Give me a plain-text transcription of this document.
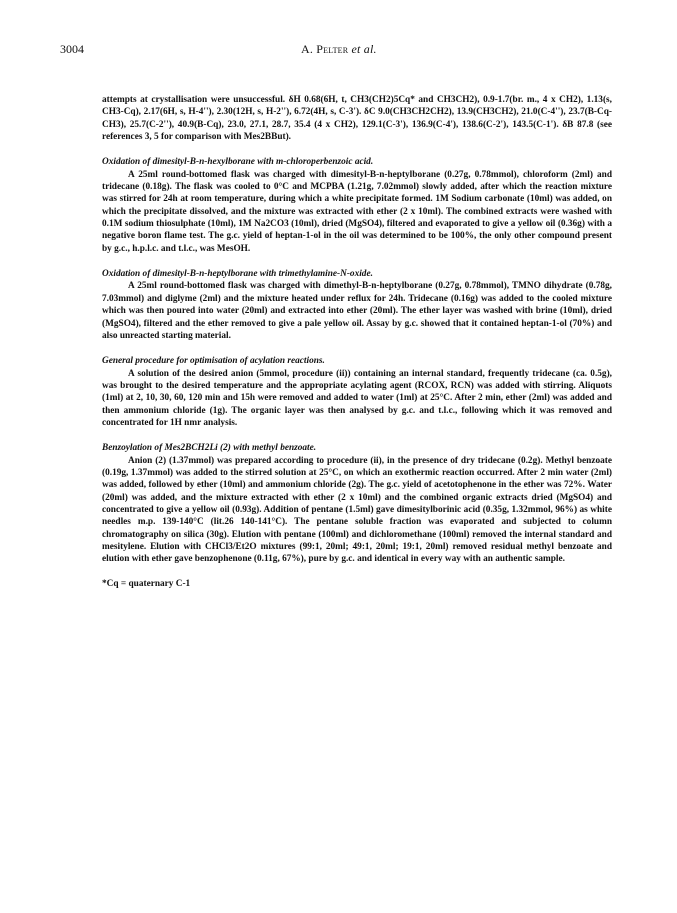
3004	A. Pelter et al.

attempts at crystallisation were unsuccessful. δH 0.68(6H, t, CH3(CH2)5Cq* and CH3CH2), 0.9-1.7(br. m., 4 x CH2), 1.13(s, CH3-Cq), 2.17(6H, s, H-4''), 2.30(12H, s, H-2''), 6.72(4H, s, C-3'). δC 9.0(CH3CH2CH2), 13.9(CH3CH2), 21.0(C-4''), 23.7(B-Cq-CH3), 25.7(C-2''), 40.9(B-Cq), 23.0, 27.1, 28.7, 35.4 (4 x CH2), 129.1(C-3'), 136.9(C-4'), 138.6(C-2'), 143.5(C-1'). δB 87.8 (see references 3, 5 for comparison with Mes2BBut).

Oxidation of dimesityl-B-n-hexylborane with m-chloroperbenzoic acid.

A 25ml round-bottomed flask was charged with dimesityl-B-n-heptylborane (0.27g, 0.78mmol), chloroform (2ml) and tridecane (0.18g). The flask was cooled to 0°C and MCPBA (1.21g, 7.02mmol) slowly added, after which the reaction mixture was stirred for 24h at room temperature, during which a white precipitate formed. 1M Sodium carbonate (10ml) was added, on which the precipitate dissolved, and the mixture was extracted with ether (2 x 10ml). The combined extracts were washed with 0.1M sodium thiosulphate (10ml), 1M Na2CO3 (10ml), dried (MgSO4), filtered and evaporated to give a yellow oil (0.36g) with a negative boron flame test. The g.c. yield of heptan-1-ol in the oil was determined to be 100%, the only other compound present by g.c., h.p.l.c. and t.l.c., was MesOH.

Oxidation of dimesityl-B-n-heptylborane with trimethylamine-N-oxide.

A 25ml round-bottomed flask was charged with dimethyl-B-n-heptylborane (0.27g, 0.78mmol), TMNO dihydrate (0.78g, 7.03mmol) and diglyme (2ml) and the mixture heated under reflux for 24h. Tridecane (0.16g) was added to the cooled mixture which was then poured into water (20ml) and extracted into ether (20ml). The ether layer was washed with brine (10ml), dried (MgSO4), filtered and the ether removed to give a pale yellow oil. Assay by g.c. showed that it contained heptan-1-ol (70%) and also unreacted starting material.

General procedure for optimisation of acylation reactions.

A solution of the desired anion (5mmol, procedure (ii)) containing an internal standard, frequently tridecane (ca. 0.5g), was brought to the desired temperature and the appropriate acylating agent (RCOX, RCN) was added with stirring. Aliquots (1ml) at 2, 10, 30, 60, 120 min and 15h were removed and added to water (1ml) at 25°C. After 2 min, ether (2ml) was added and then ammonium chloride (1g). The organic layer was then analysed by g.c. and t.l.c., following which it was removed and concentrated for 1H nmr analysis.

Benzoylation of Mes2BCH2Li (2) with methyl benzoate.

Anion (2) (1.37mmol) was prepared according to procedure (ii), in the presence of dry tridecane (0.2g). Methyl benzoate (0.19g, 1.37mmol) was added to the stirred solution at 25°C, on which an exothermic reaction occurred. After 2 min water (2ml) was added, followed by ether (10ml) and ammonium chloride (2g). The g.c. yield of acetotophenone in the ether was 72%. Water (20ml) was added, and the mixture extracted with ether (2 x 10ml) and the combined organic extracts dried (MgSO4) and concentrated to give a yellow oil (0.93g). Addition of pentane (1.5ml) gave dimesitylborinic acid (0.35g, 1.32mmol, 96%) as white needles m.p. 139-140°C (lit.26 140-141°C). The pentane soluble fraction was evaporated and subjected to column chromatography on silica (30g). Elution with pentane (100ml) and dichloromethane (100ml) removed the internal standard and mesitylene. Elution with CHCl3/Et2O mixtures (99:1, 20ml; 49:1, 20ml; 19:1, 20ml) removed residual methyl benzoate and elution with ether gave benzophenone (0.11g, 67%), pure by g.c. and identical in every way with an authentic sample.

*Cq = quaternary C-1
